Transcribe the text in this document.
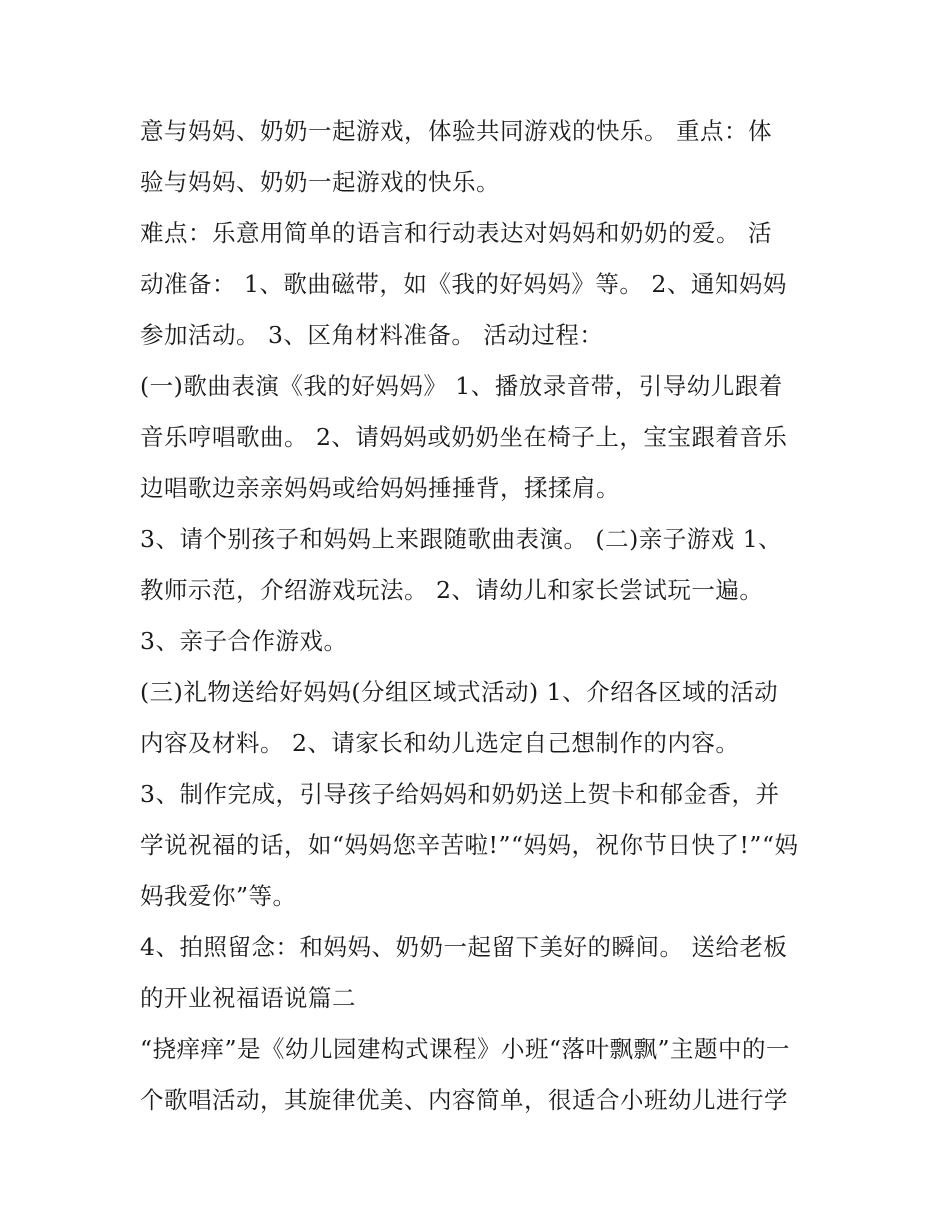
意与妈妈、奶奶一起游戏，体验共同游戏的快乐。 重点：体
验与妈妈、奶奶一起游戏的快乐。
难点：乐意用简单的语言和行动表达对妈妈和奶奶的爱。 活
动准备： 1、歌曲磁带，如《我的好妈妈》等。 2、通知妈妈
参加活动。 3、区角材料准备。 活动过程：
(一)歌曲表演《我的好妈妈》 1、播放录音带，引导幼儿跟着
音乐哼唱歌曲。 2、请妈妈或奶奶坐在椅子上，宝宝跟着音乐
边唱歌边亲亲妈妈或给妈妈捶捶背，揉揉肩。
3、请个别孩子和妈妈上来跟随歌曲表演。 (二)亲子游戏 1、
教师示范，介绍游戏玩法。 2、请幼儿和家长尝试玩一遍。
3、亲子合作游戏。
(三)礼物送给好妈妈(分组区域式活动) 1、介绍各区域的活动
内容及材料。 2、请家长和幼儿选定自己想制作的内容。
3、制作完成，引导孩子给妈妈和奶奶送上贺卡和郁金香，并
学说祝福的话，如“妈妈您辛苦啦!”“妈妈，祝你节日快了!”“妈
妈我爱你”等。
4、拍照留念：和妈妈、奶奶一起留下美好的瞬间。 送给老板
的开业祝福语说篇二
“挠痒痒”是《幼儿园建构式课程》小班“落叶飘飘”主题中的一
个歌唱活动，其旋律优美、内容简单，很适合小班幼儿进行学
